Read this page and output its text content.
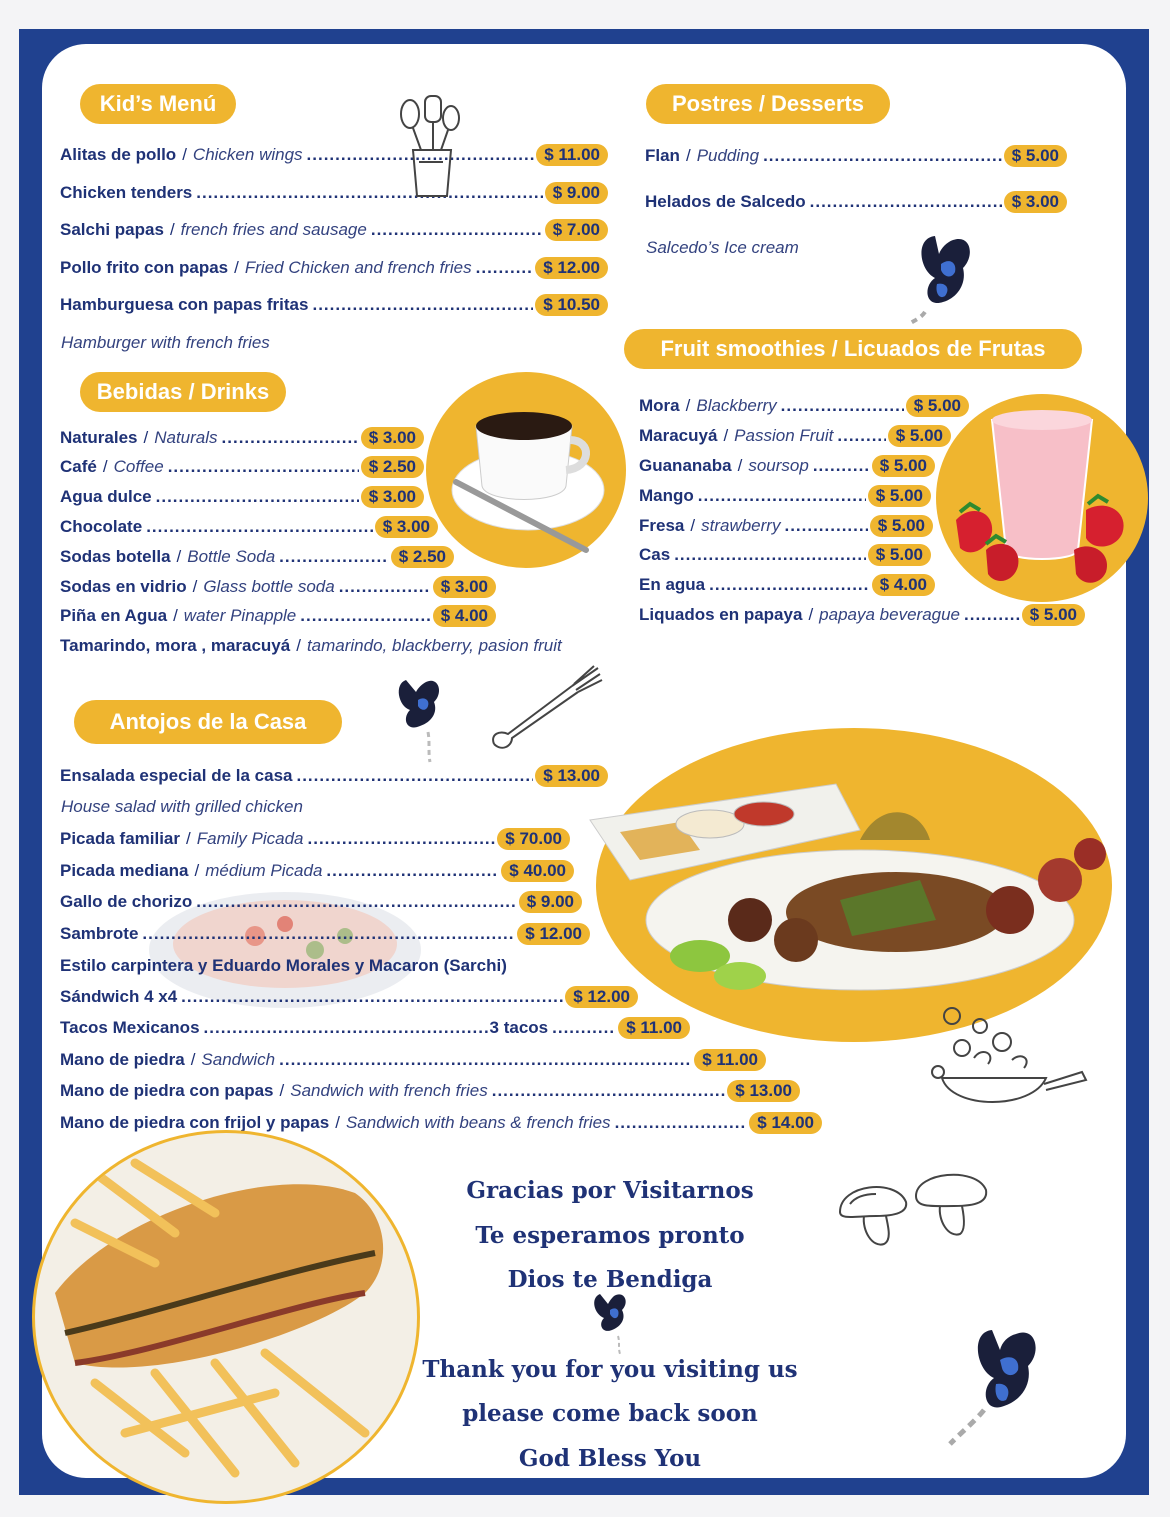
Kid’s Menú	Postres / Desserts
Bebidas / Drinks
Fruit smoothies / Licuados de Frutas
Antojos de la Casa
Alitas de pollo / Chicken wings .....	$ 11.00
Chicken tenders .....	$ 9.00
Salchi papas / french fries and sausage .....	$ 7.00
Pollo frito con papas / Fried Chicken and french fries .....	$ 12.00
Hamburguesa con papas fritas .....	$ 10.50
Hamburger with french fries
Flan / Pudding .....	$ 5.00
Helados de Salcedo .....	$ 3.00
Salcedo’s Ice cream
Naturales / Naturals .....	$ 3.00
Café / Coffee .....	$ 2.50
Agua dulce .....	$ 3.00
Chocolate .....	$ 3.00
Sodas botella / Bottle Soda .....	$ 2.50
Sodas en vidrio / Glass bottle soda .....	$ 3.00
Piña en Agua / water Pinapple .....	$ 4.00
Tamarindo, mora , maracuyá / tamarindo, blackberry, pasion fruit
Mora / Blackberry .....	$ 5.00
Maracuyá / Passion Fruit .....	$ 5.00
Guananaba / soursop .....	$ 5.00
Mango .....	$ 5.00
Fresa / strawberry .....	$ 5.00
Cas .....	$ 5.00
En agua .....	$ 4.00
Liquados en papaya / papaya beverague .....	$ 5.00
Ensalada especial de la casa .....	$ 13.00
House salad with grilled chicken
Picada familiar / Family Picada .....	$ 70.00
Picada mediana / médium Picada .....	$ 40.00
Gallo de chorizo .....	$ 9.00
Sambrote .....	$ 12.00
Estilo carpintera y Eduardo Morales y Macaron (Sarchi)
Sándwich 4 x4 .....	$ 12.00
Tacos Mexicanos .....	3 tacos .....	$ 11.00
Mano de piedra / Sandwich .....	$ 11.00
Mano de piedra con papas / Sandwich with french fries .....	$ 13.00
Mano de piedra con frijol y papas / Sandwich with beans & french fries .....	$ 14.00
Gracias por Visitarnos
Te esperamos pronto
Dios te Bendiga
Thank you for you visiting us
please come back soon
God Bless You
